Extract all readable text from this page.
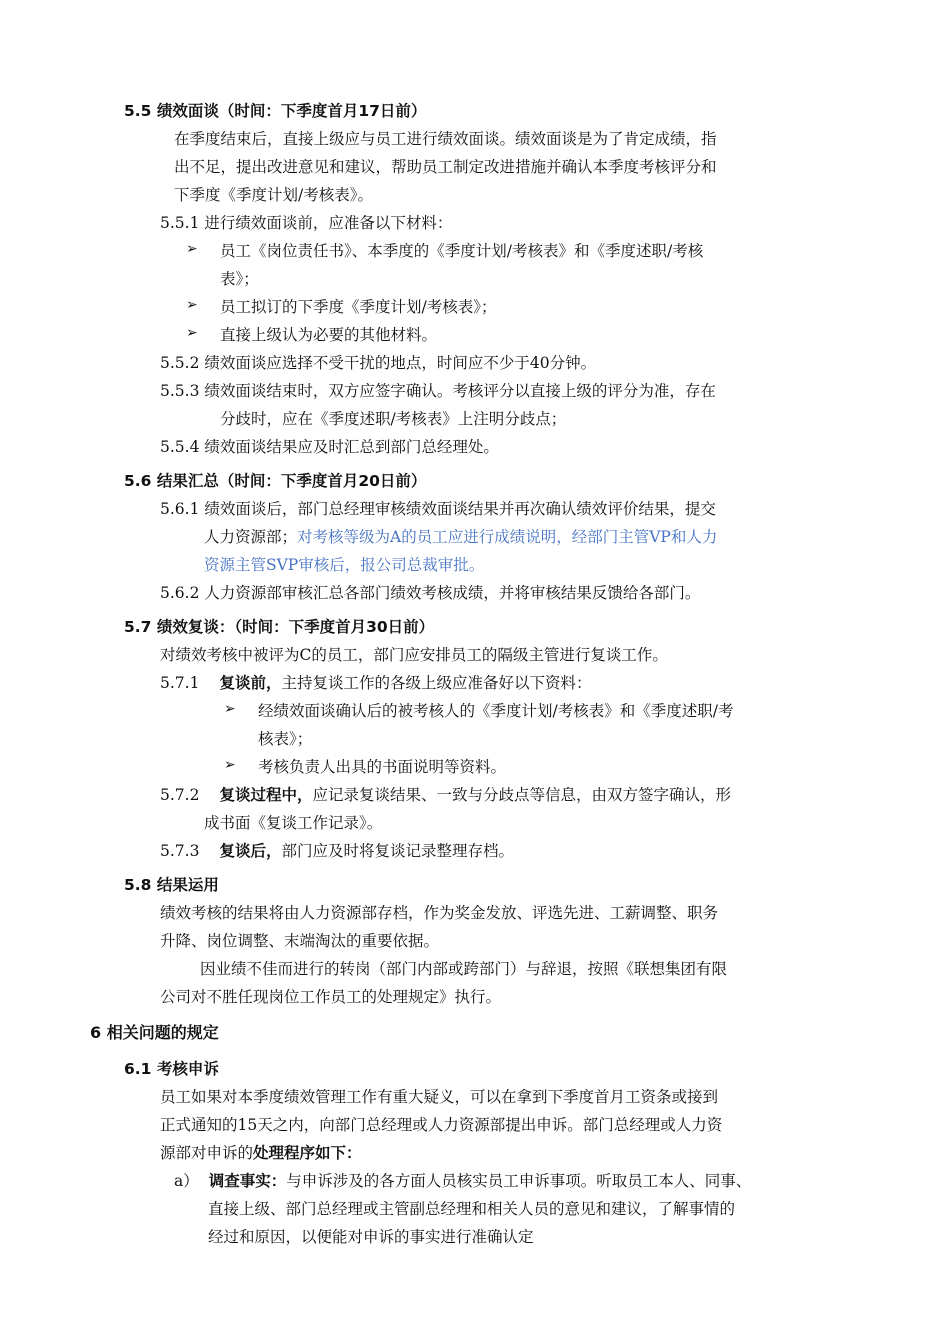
5.5 绩效面谈（时间：下季度首月17日前）
在季度结束后，直接上级应与员工进行绩效面谈。绩效面谈是为了肯定成绩，指
出不足，提出改进意见和建议，帮助员工制定改进措施并确认本季度考核评分和
下季度《季度计划/考核表》。
5.5.1 进行绩效面谈前，应准备以下材料：
➢ 员工《岗位责任书》、本季度的《季度计划/考核表》和《季度述职/考核
表》；
➢ 员工拟订的下季度《季度计划/考核表》；
➢ 直接上级认为必要的其他材料。
5.5.2 绩效面谈应选择不受干扰的地点，时间应不少于40分钟。
5.5.3 绩效面谈结束时，双方应签字确认。考核评分以直接上级的评分为准，存在
分歧时，应在《季度述职/考核表》上注明分歧点；
5.5.4 绩效面谈结果应及时汇总到部门总经理处。
5.6 结果汇总（时间：下季度首月20日前）
5.6.1 绩效面谈后，部门总经理审核绩效面谈结果并再次确认绩效评价结果，提交
人力资源部；对考核等级为A的员工应进行成绩说明，经部门主管VP和人力
资源主管SVP审核后，报公司总裁审批。
5.6.2 人力资源部审核汇总各部门绩效考核成绩，并将审核结果反馈给各部门。
5.7 绩效复谈：（时间：下季度首月30日前）
对绩效考核中被评为C的员工，部门应安排员工的隔级主管进行复谈工作。
5.7.1 复谈前，主持复谈工作的各级上级应准备好以下资料：
➢ 经绩效面谈确认后的被考核人的《季度计划/考核表》和《季度述职/考
核表》；
➢ 考核负责人出具的书面说明等资料。
5.7.2 复谈过程中，应记录复谈结果、一致与分歧点等信息，由双方签字确认，形
成书面《复谈工作记录》。
5.7.3 复谈后，部门应及时将复谈记录整理存档。
5.8 结果运用
绩效考核的结果将由人力资源部存档，作为奖金发放、评选先进、工薪调整、职务
升降、岗位调整、末端淘汰的重要依据。
因业绩不佳而进行的转岗（部门内部或跨部门）与辞退，按照《联想集团有限
公司对不胜任现岗位工作员工的处理规定》执行。
6 相关问题的规定
6.1 考核申诉
员工如果对本季度绩效管理工作有重大疑义，可以在拿到下季度首月工资条或接到
正式通知的15天之内，向部门总经理或人力资源部提出申诉。部门总经理或人力资
源部对申诉的处理程序如下：
a） 调查事实：与申诉涉及的各方面人员核实员工申诉事项。听取员工本人、同事、
直接上级、部门总经理或主管副总经理和相关人员的意见和建议，了解事情的
经过和原因，以便能对申诉的事实进行准确认定
